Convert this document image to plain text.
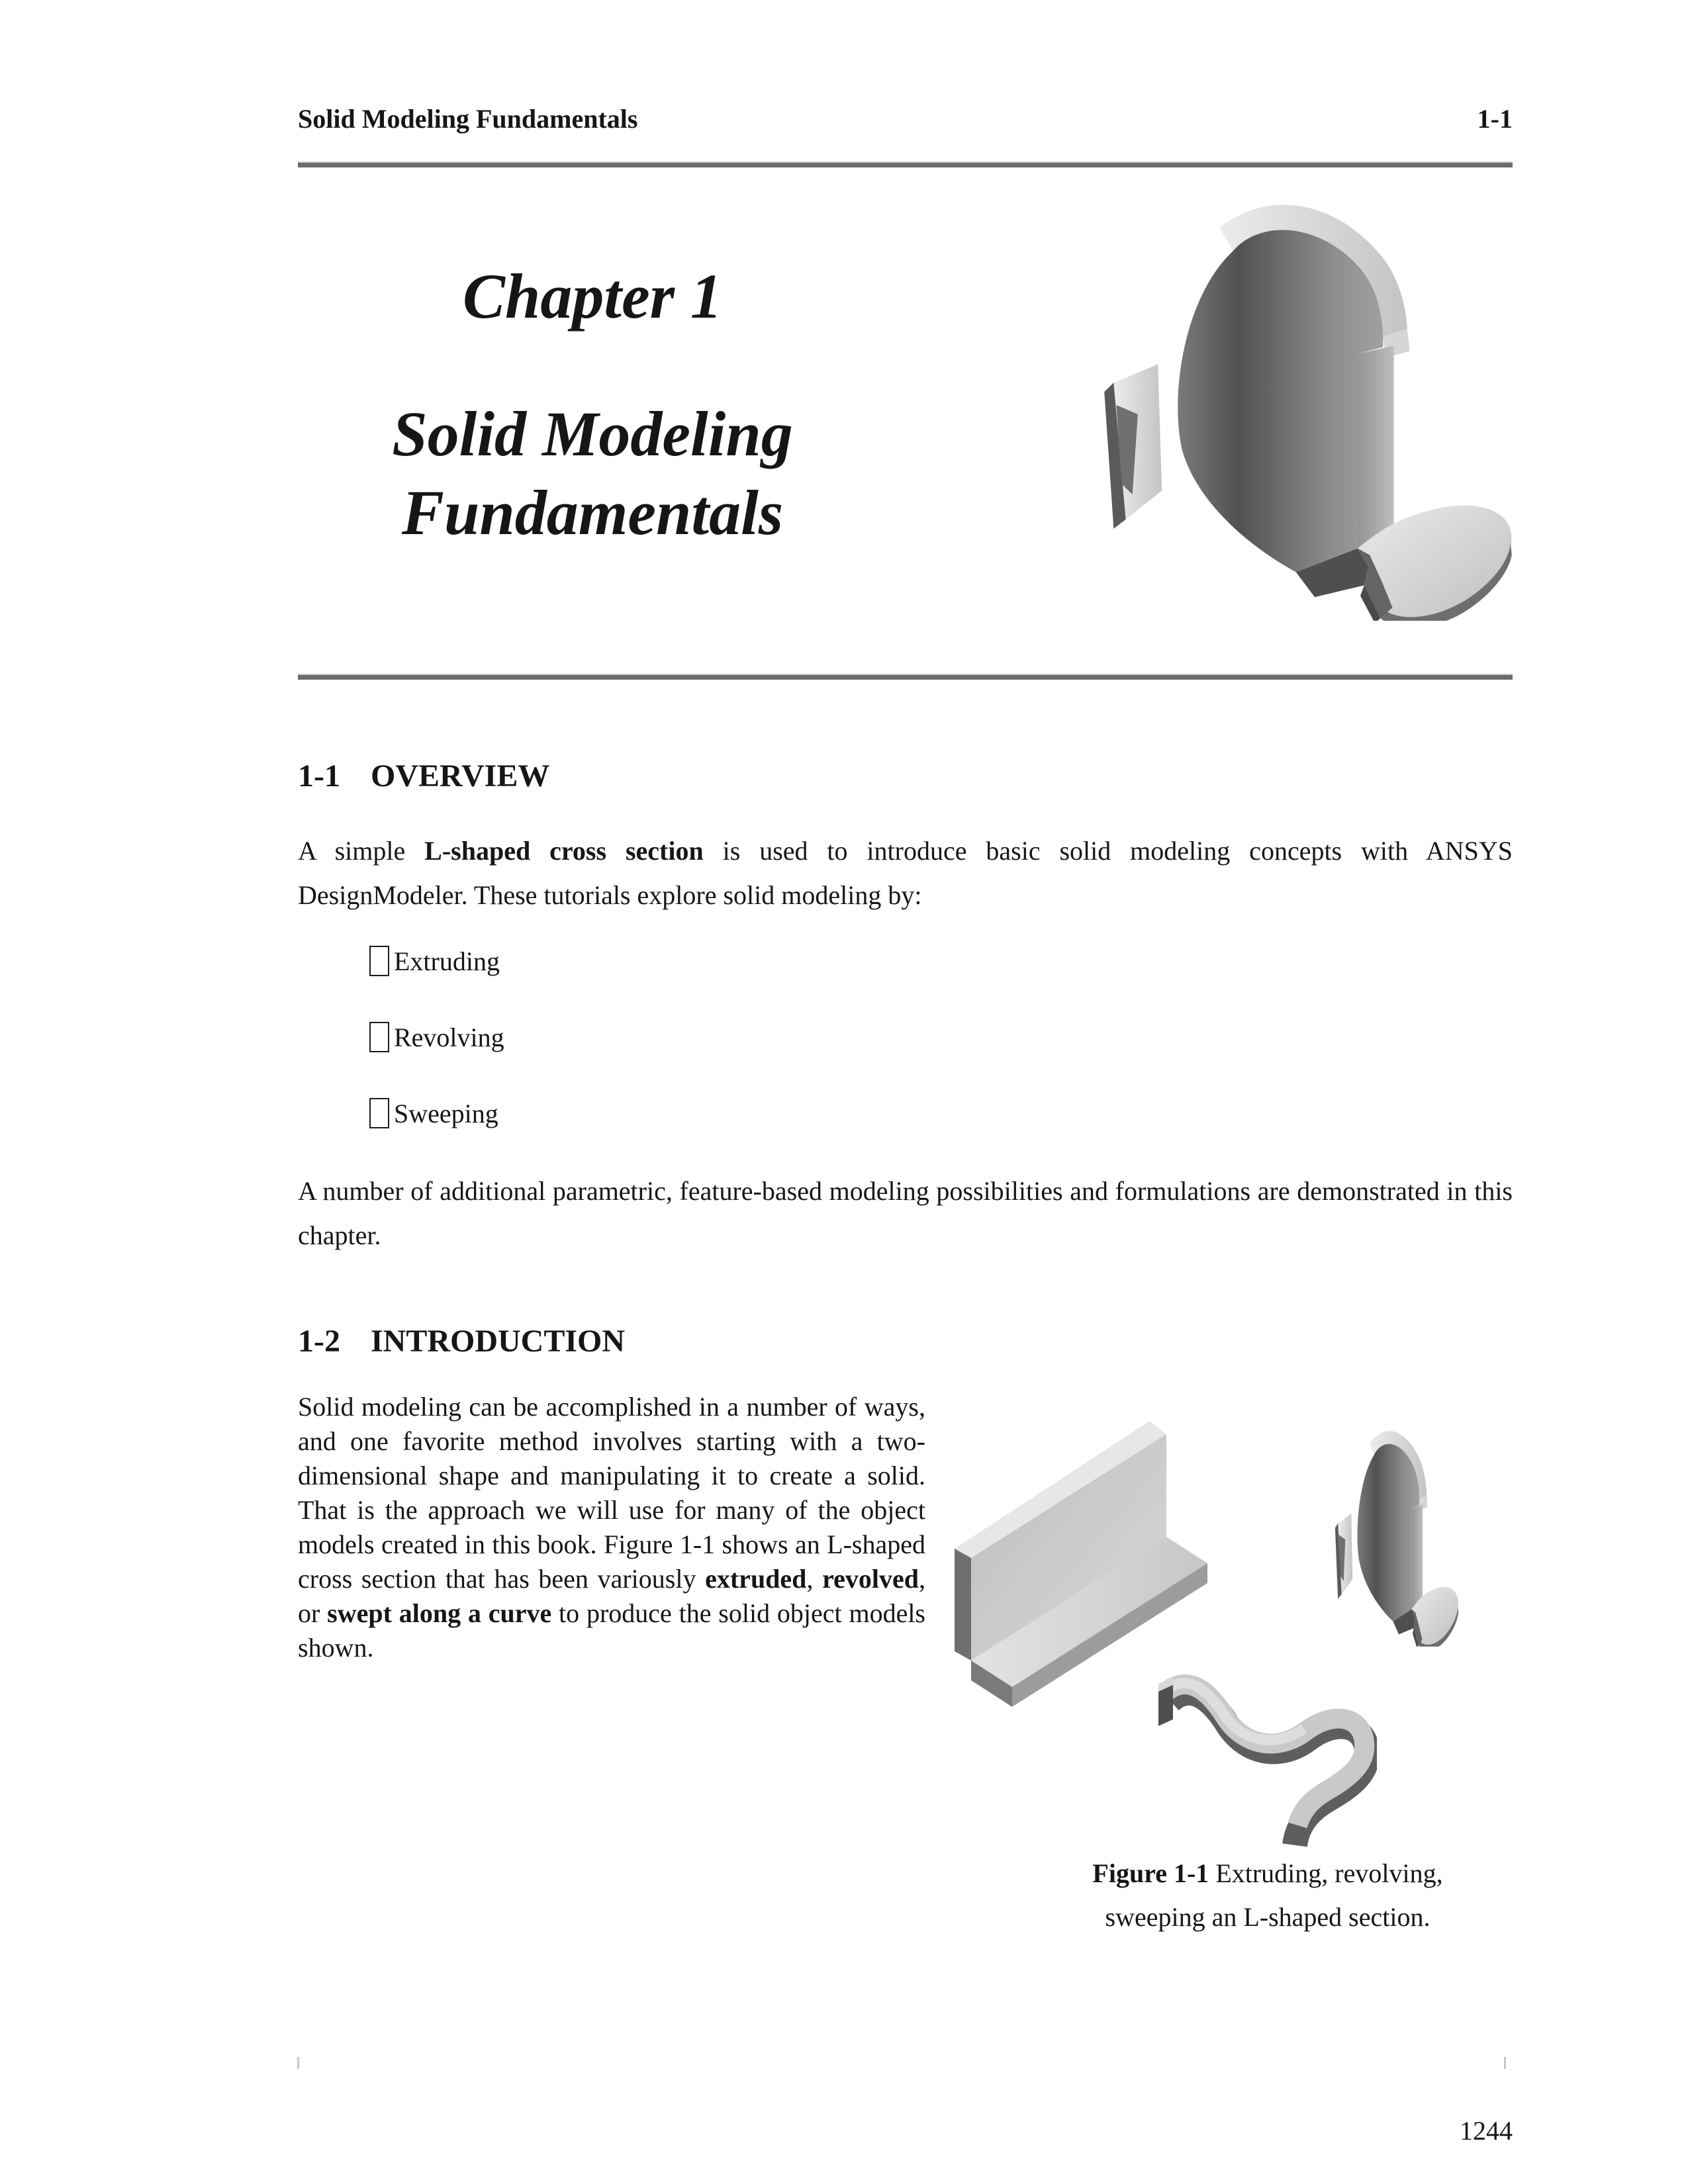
Solid Modeling Fundamentals	1-1
Chapter 1
Solid Modeling
Fundamentals
1-1 OVERVIEW

A simple L-shaped cross section is used to introduce basic solid modeling concepts with ANSYS DesignModeler. These tutorials explore solid modeling by:

Extruding
Revolving
Sweeping

A number of additional parametric, feature-based modeling possibilities and formulations are demonstrated in this chapter.

1-2 INTRODUCTION

Solid modeling can be accomplished in a number of ways, and one favorite method involves starting with a two-dimensional shape and manipulating it to create a solid. That is the approach we will use for many of the object models created in this book. Figure 1-1 shows an L-shaped cross section that has been variously extruded, revolved, or swept along a curve to produce the solid object models shown.

Figure 1-1 Extruding, revolving,
sweeping an L-shaped section.
1244
